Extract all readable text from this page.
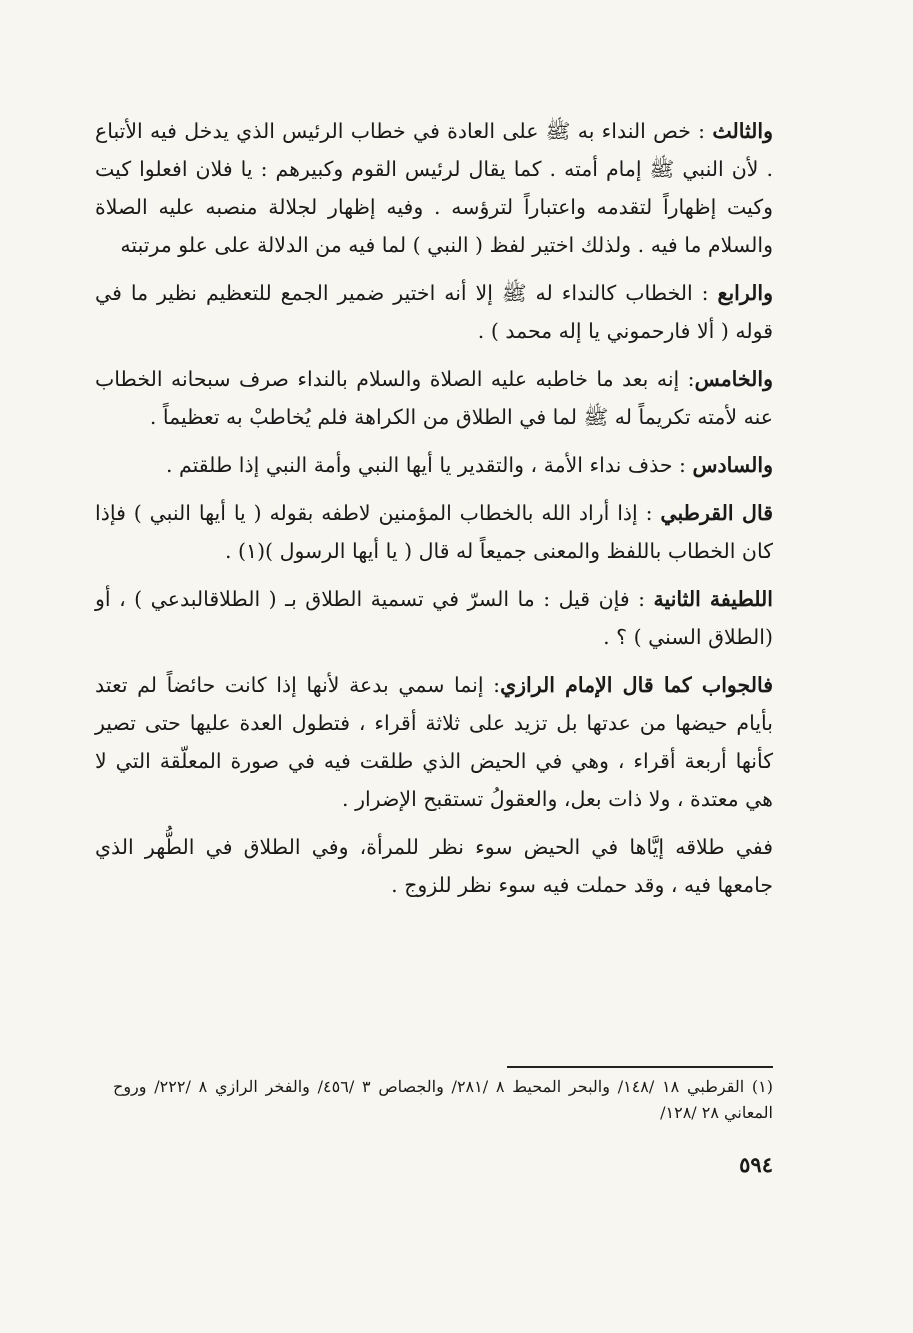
والثالث : خص النداء به ﷺ على العادة في خطاب الرئيس الذي يدخل فيه الأتباع . لأن النبي ﷺ إمام أمته . كما يقال لرئيس القوم وكبيرهم : يا فلان افعلوا كيت وكيت إظهاراً لتقدمه واعتباراً لترؤسه . وفيه إظهار لجلالة منصبه عليه الصلاة والسلام ما فيه . ولذلك اختير لفظ ( النبي ) لما فيه من الدلالة على علو مرتبته

والرابع : الخطاب كالنداء له ﷺ إلا أنه اختير ضمير الجمع للتعظيم نظير ما في قوله ( ألا فارحموني يا إله محمد ) .

والخامس: إنه بعد ما خاطبه عليه الصلاة والسلام بالنداء صرف سبحانه الخطاب عنه لأمته تكريماً له ﷺ لما في الطلاق من الكراهة فلم يُخاطبْ به تعظيماً .

والسادس : حذف نداء الأمة ، والتقدير يا أيها النبي وأمة النبي إذا طلقتم .

قال القرطبي : إذا أراد الله بالخطاب المؤمنين لاطفه بقوله ( يا أيها النبي ) فإذا كان الخطاب باللفظ والمعنى جميعاً له قال ( يا أيها الرسول )(١) .

اللطيفة الثانية : فإن قيل : ما السرّ في تسمية الطلاق بـ ( الطلاقالبدعي ) ، أو (الطلاق السني ) ؟ .

فالجواب كما قال الإمام الرازي: إنما سمي بدعة لأنها إذا كانت حائضاً لم تعتد بأيام حيضها من عدتها بل تزيد على ثلاثة أقراء ، فتطول العدة عليها حتى تصير كأنها أربعة أقراء ، وهي في الحيض الذي طلقت فيه في صورة المعلّقة التي لا هي معتدة ، ولا ذات بعل، والعقولُ تستقبح الإضرار .

ففي طلاقه إيَّاها في الحيض سوء نظر للمرأة، وفي الطلاق في الطُّهر الذي جامعها فيه ، وقد حملت فيه سوء نظر للزوج .

(١) القرطبي ١٨ /١٤٨/ والبحر المحيط ٨ /٢٨١/ والجصاص ٣ /٤٥٦/ والفخر الرازي ٨ /٢٢٢/ وروح المعاني ٢٨ /١٢٨/
٥٩٤
